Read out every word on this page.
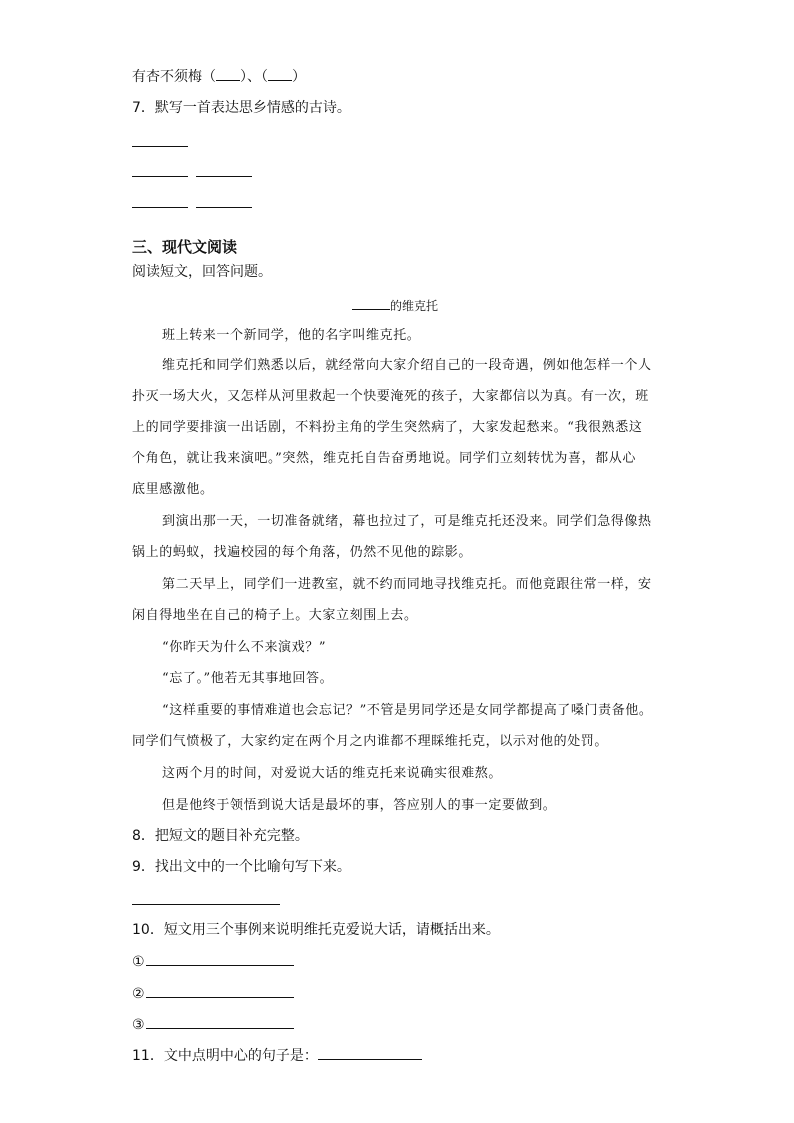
有杏不须梅（ ）、（ ）
7．默写一首表达思乡情感的古诗。
三、现代文阅读
阅读短文，回答问题。
的维克托
班上转来一个新同学，他的名字叫维克托。
维克托和同学们熟悉以后，就经常向大家介绍自己的一段奇遇，例如他怎样一个人
扑灭一场大火，又怎样从河里救起一个快要淹死的孩子，大家都信以为真。有一次，班
上的同学要排演一出话剧，不料扮主角的学生突然病了，大家发起愁来。“我很熟悉这
个角色，就让我来演吧。”突然，维克托自告奋勇地说。同学们立刻转忧为喜，都从心
底里感激他。
到演出那一天，一切准备就绪，幕也拉过了，可是维克托还没来。同学们急得像热
锅上的蚂蚁，找遍校园的每个角落，仍然不见他的踪影。
第二天早上，同学们一进教室，就不约而同地寻找维克托。而他竟跟往常一样，安
闲自得地坐在自己的椅子上。大家立刻围上去。
“你昨天为什么不来演戏？”
“忘了。”他若无其事地回答。
“这样重要的事情难道也会忘记？”不管是男同学还是女同学都提高了嗓门责备他。
同学们气愤极了，大家约定在两个月之内谁都不理睬维托克，以示对他的处罚。
这两个月的时间，对爱说大话的维克托来说确实很难熬。
但是他终于领悟到说大话是最坏的事，答应别人的事一定要做到。
8．把短文的题目补充完整。
9．找出文中的一个比喻句写下来。
10．短文用三个事例来说明维托克爱说大话，请概括出来。
①
②
③
11．文中点明中心的句子是：
